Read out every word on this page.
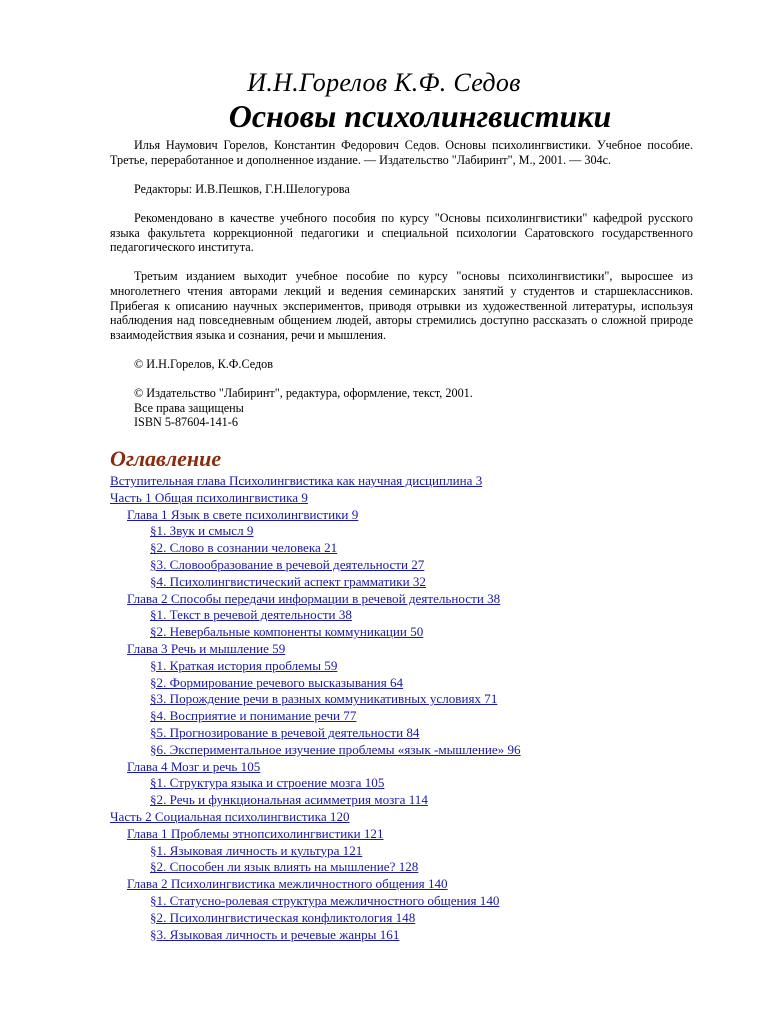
И.Н.Горелов К.Ф. Седов
Основы психолингвистики

Илья Наумович Горелов, Константин Федорович Седов. Основы психолингвистики. Учебное пособие. Третье, переработанное и дополненное издание. — Издательство "Лабиринт", М., 2001. — 304с.

Редакторы: И.В.Пешков, Г.Н.Шелогурова

Рекомендовано в качестве учебного пособия по курсу "Основы психолингвистики" кафедрой русского языка факультета коррекционной педагогики и специальной психологии Саратовского государственного педагогического института.

Третьим изданием выходит учебное пособие по курсу "основы психолингвистики", выросшее из многолетнего чтения авторами лекций и ведения семинарских занятий у студентов и старшеклассников. Прибегая к описанию научных экспериментов, приводя отрывки из художественной литературы, используя наблюдения над повседневным общением людей, авторы стремились доступно рассказать о сложной природе взаимодействия языка и сознания, речи и мышления.

© И.Н.Горелов, К.Ф.Седов

© Издательство "Лабиринт", редактура, оформление, текст, 2001.
Все права защищены
ISBN 5-87604-141-6
Оглавление
Вступительная глава Психолингвистика как научная дисциплина 3
Часть 1 Общая психолингвистика 9
Глава 1 Язык в свете психолингвистики 9
§1. Звук и смысл 9
§2. Слово в сознании человека 21
§3. Словообразование в речевой деятельности 27
§4. Психолингвистический аспект грамматики 32
Глава 2 Способы передачи информации в речевой деятельности 38
§1. Текст в речевой деятельности 38
§2. Невербальные компоненты коммуникации 50
Глава 3 Речь и мышление 59
§1. Краткая история проблемы 59
§2. Формирование речевого высказывания 64
§3. Порождение речи в разных коммуникативных условиях 71
§4. Восприятие и понимание речи 77
§5. Прогнозирование в речевой деятельности 84
§6. Экспериментальное изучение проблемы «язык -мышление» 96
Глава 4 Мозг и речь 105
§1. Структура языка и строение мозга 105
§2. Речь и функциональная асимметрия мозга 114
Часть 2 Социальная психолингвистика 120
Глава 1 Проблемы этнопсихолингвистики 121
§1. Языковая личность и культура 121
§2. Способен ли язык влиять на мышление? 128
Глава 2 Психолингвистика межличностного общения 140
§1. Статусно-ролевая структура межличностного общения 140
§2. Психолингвистическая конфликтология 148
§3. Языковая личность и речевые жанры 161
